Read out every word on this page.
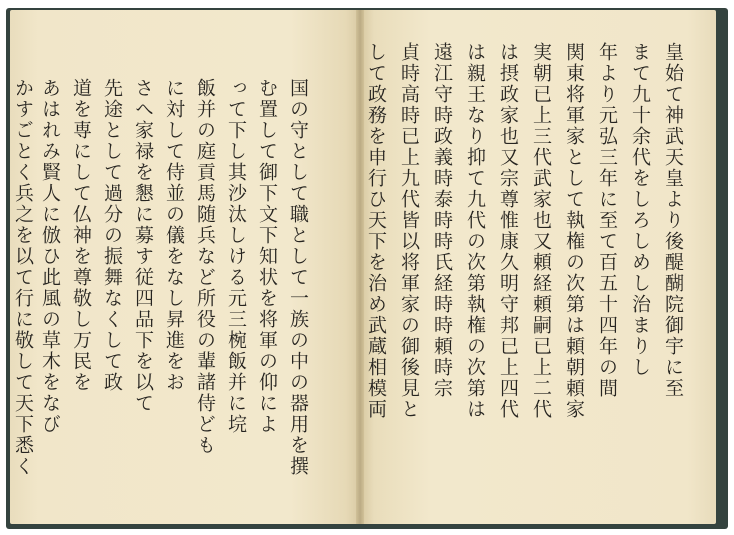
皇始て神武天皇より後醍醐院御宇に至
まて九十余代をしろしめし治まりし
年より元弘三年に至て百五十四年の間
関東将軍家として執権の次第は頼朝頼家
実朝已上三代武家也又頼経頼嗣已上二代
は摂政家也又宗尊惟康久明守邦已上四代
は親王なり抑て九代の次第執権の次第は
遠江守時政義時泰時時氏経時時頼時宗
貞時高時已上九代皆以将軍家の御後見と
して政務を申行ひ天下を治め武蔵相模両
国の守として職として一族の中の器用を撰
む置して御下文下知状を将軍の仰によ
って下し其沙汰しける元三椀飯并に垸
飯并の庭貢馬随兵など所役の輩諸侍ども
に対して侍並の儀をなし昇進をお
さへ家禄を懇に募す従四品下を以て
先途として過分の振舞なくして政
道を専にして仏神を尊敬し万民を
あはれみ賢人に倣ひ此風の草木をなび
かすごとく兵之を以て行に敬して天下悉く
